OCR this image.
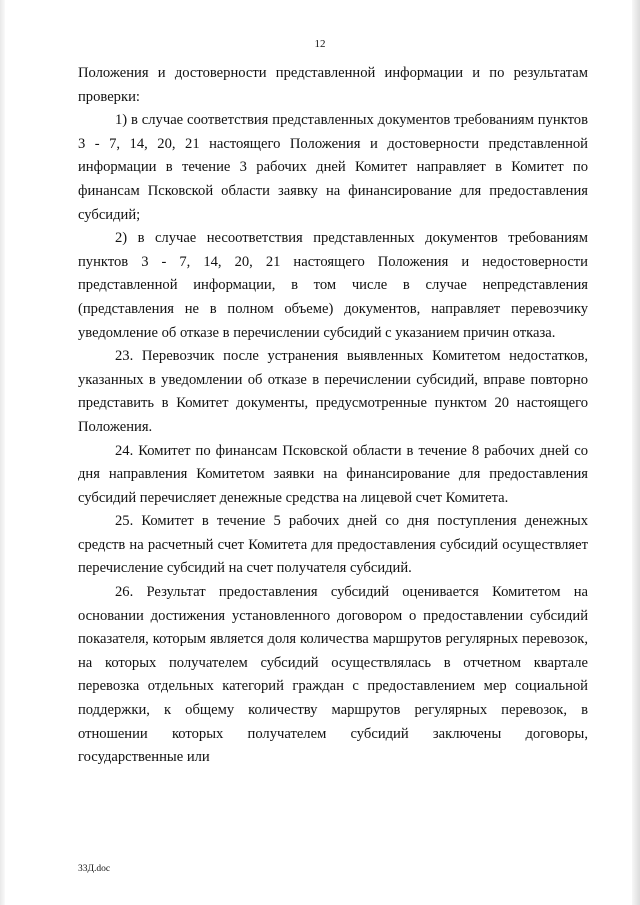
12

Положения и достоверности представленной информации и по результатам проверки:

1) в случае соответствия представленных документов требованиям пунктов 3 - 7, 14, 20, 21 настоящего Положения и достоверности представленной информации в течение 3 рабочих дней Комитет направляет в Комитет по финансам Псковской области заявку на финансирование для предоставления субсидий;

2) в случае несоответствия представленных документов требованиям пунктов 3 - 7, 14, 20, 21 настоящего Положения и недостоверности представленной информации, в том числе в случае непредставления (представления не в полном объеме) документов, направляет перевозчику уведомление об отказе в перечислении субсидий с указанием причин отказа.

23. Перевозчик после устранения выявленных Комитетом недостатков, указанных в уведомлении об отказе в перечислении субсидий, вправе повторно представить в Комитет документы, предусмотренные пунктом 20 настоящего Положения.

24. Комитет по финансам Псковской области в течение 8 рабочих дней со дня направления Комитетом заявки на финансирование для предоставления субсидий перечисляет денежные средства на лицевой счет Комитета.

25. Комитет в течение 5 рабочих дней со дня поступления денежных средств на расчетный счет Комитета для предоставления субсидий осуществляет перечисление субсидий на счет получателя субсидий.

26. Результат предоставления субсидий оценивается Комитетом на основании достижения установленного договором о предоставлении субсидий показателя, которым является доля количества маршрутов регулярных перевозок, на которых получателем субсидий осуществлялась в отчетном квартале перевозка отдельных категорий граждан с предоставлением мер социальной поддержки, к общему количеству маршрутов регулярных перевозок, в отношении которых получателем субсидий заключены договоры, государственные или

33Д.doc
